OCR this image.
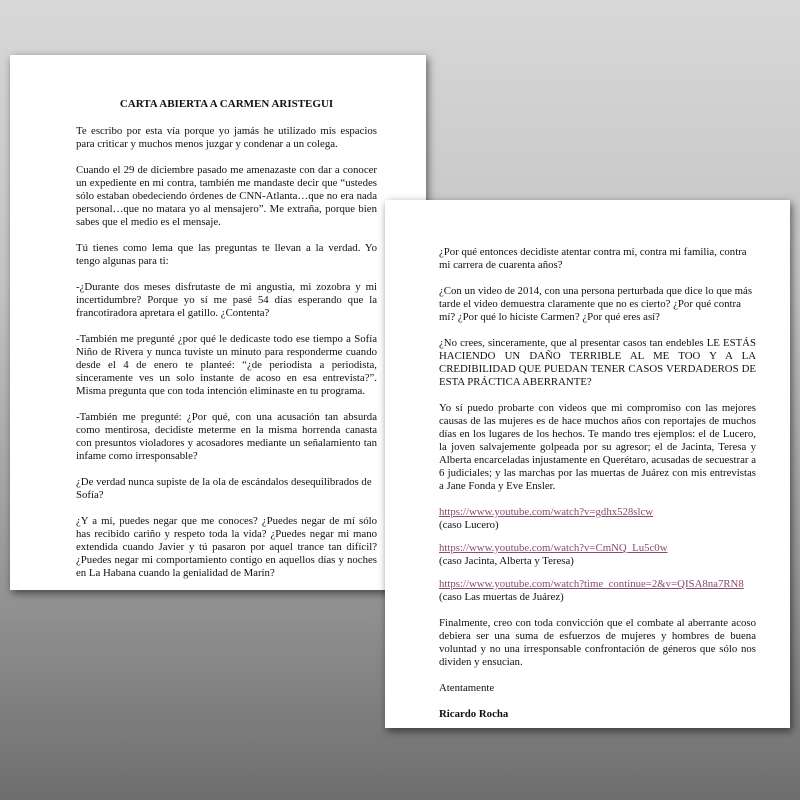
CARTA ABIERTA A CARMEN ARISTEGUI

Te escribo por esta vía porque yo jamás he utilizado mis espacios para criticar y muchos menos juzgar y condenar a un colega.

Cuando el 29 de diciembre pasado me amenazaste con dar a conocer un expediente en mi contra, también me mandaste decir que “ustedes sólo estaban obedeciendo órdenes de CNN-Atlanta…que no era nada personal…que no matara yo al mensajero”. Me extraña, porque bien sabes que el medio es el mensaje.

Tú tienes como lema que las preguntas te llevan a la verdad. Yo tengo algunas para ti:

-¿Durante dos meses disfrutaste de mi angustia, mi zozobra y mi incertidumbre? Porque yo sí me pasé 54 días esperando que la francotiradora apretara el gatillo. ¿Contenta?

-También me pregunté ¿por qué le dedicaste todo ese tiempo a Sofía Niño de Rivera y nunca tuviste un minuto para responderme cuando desde el 4 de enero te planteé: “¿de periodista a periodista, sinceramente ves un solo instante de acoso en esa entrevista?”. Misma pregunta que con toda intención eliminaste en tu programa.

-También me pregunté: ¿Por qué, con una acusación tan absurda como mentirosa, decidiste meterme en la misma horrenda canasta con presuntos violadores y acosadores mediante un señalamiento tan infame como irresponsable?

¿De verdad nunca supiste de la ola de escándalos desequilibrados de Sofía?

¿Y a mí, puedes negar que me conoces? ¿Puedes negar de mí sólo has recibido cariño y respeto toda la vida? ¿Puedes negar mi mano extendida cuando Javier y tú pasaron por aquel trance tan difícil? ¿Puedes negar mi comportamiento contigo en aquellos días y noches en La Habana cuando la genialidad de Marín?

¿Por qué entonces decidiste atentar contra mí, contra mi familia, contra mi carrera de cuarenta años?

¿Con un video de 2014, con una persona perturbada que dice lo que más tarde el video demuestra claramente que no es cierto? ¿Por qué contra mí? ¿Por qué lo hiciste Carmen? ¿Por qué eres así?

¿No crees, sinceramente, que al presentar casos tan endebles LE ESTÁS HACIENDO UN DAÑO TERRIBLE AL ME TOO Y A LA CREDIBILIDAD QUE PUEDAN TENER CASOS VERDADEROS DE ESTA PRÁCTICA ABERRANTE?

Yo sí puedo probarte con videos que mi compromiso con las mejores causas de las mujeres es de hace muchos años con reportajes de muchos días en los lugares de los hechos. Te mando tres ejemplos: el de Lucero, la joven salvajemente golpeada por su agresor; el de Jacinta, Teresa y Alberta encarceladas injustamente en Querétaro, acusadas de secuestrar a 6 judiciales; y las marchas por las muertas de Juárez con mis entrevistas a Jane Fonda y Eve Ensler.

https://www.youtube.com/watch?v=gdhx528slcw
(caso Lucero)
https://www.youtube.com/watch?v=CmNQ_Lu5c0w
(caso Jacinta, Alberta y Teresa)
https://www.youtube.com/watch?time_continue=2&v=QISA8na7RN8
(caso Las muertas de Juárez)

Finalmente, creo con toda convicción que el combate al aberrante acoso debiera ser una suma de esfuerzos de mujeres y hombres de buena voluntad y no una irresponsable confrontación de géneros que sólo nos dividen y ensucian.

Atentamente

Ricardo Rocha
